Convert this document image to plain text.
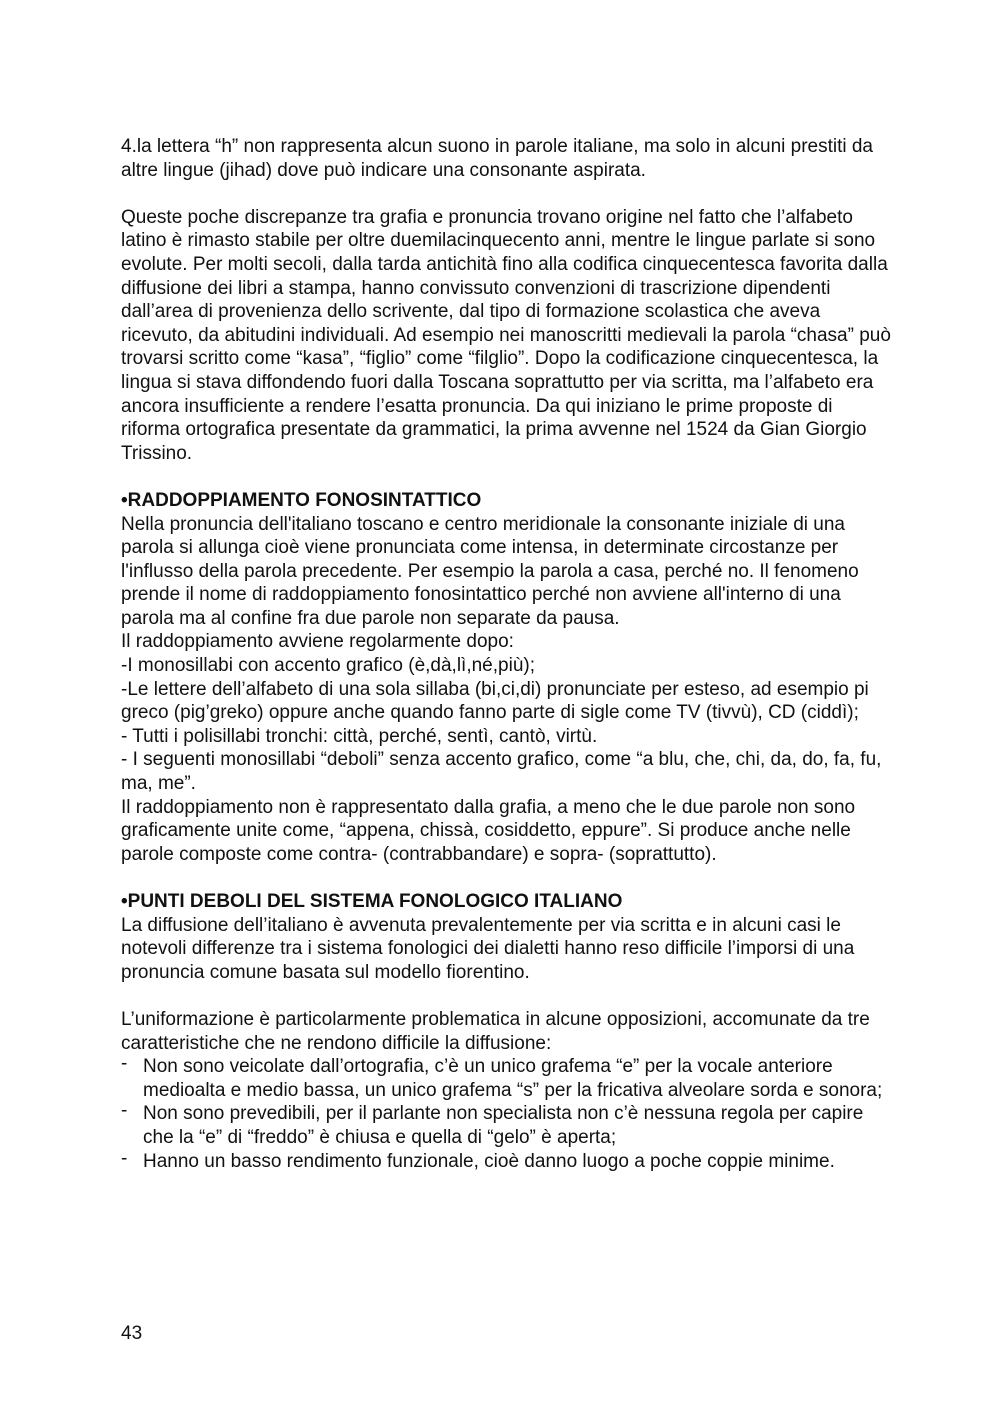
4.la lettera “h” non rappresenta alcun suono in parole italiane, ma solo in alcuni prestiti da altre lingue (jihad) dove può indicare una consonante aspirata.

Queste poche discrepanze tra grafia e pronuncia trovano origine nel fatto che l’alfabeto latino è rimasto stabile per oltre duemilacinquecento anni, mentre le lingue parlate si sono evolute. Per molti secoli, dalla tarda antichità fino alla codifica cinquecentesca favorita dalla diffusione dei libri a stampa, hanno convissuto convenzioni di trascrizione dipendenti dall’area di provenienza dello scrivente, dal tipo di formazione scolastica che aveva ricevuto, da abitudini individuali. Ad esempio nei manoscritti medievali la parola “chasa” può trovarsi scritto come “kasa”, “figlio” come “filglio”. Dopo la codificazione cinquecentesca, la lingua si stava diffondendo fuori dalla Toscana soprattutto per via scritta, ma l’alfabeto era ancora insufficiente a rendere l’esatta pronuncia. Da qui iniziano le prime proposte di riforma ortografica presentate da grammatici, la prima avvenne nel 1524 da Gian Giorgio Trissino.

•RADDOPPIAMENTO FONOSINTATTICO

Nella pronuncia dell'italiano toscano e centro meridionale la consonante iniziale di una parola si allunga cioè viene pronunciata come intensa, in determinate circostanze per l'influsso della parola precedente. Per esempio la parola a casa, perché no. Il fenomeno prende il nome di raddoppiamento fonosintattico perché non avviene all'interno di una parola ma al confine fra due parole non separate da pausa.

Il raddoppiamento avviene regolarmente dopo:

-I monosillabi con accento grafico (è,dà,lì,né,più);

-Le lettere dell’alfabeto di una sola sillaba (bi,ci,di) pronunciate per esteso, ad esempio pi greco (pig’greko) oppure anche quando fanno parte di sigle come TV (tivvù), CD (ciddì);

- Tutti i polisillabi tronchi: città, perché, sentì, cantò, virtù.

- I seguenti monosillabi “deboli” senza accento grafico, come “a blu, che, chi, da, do, fa, fu, ma, me”.

Il raddoppiamento non è rappresentato dalla grafia, a meno che le due parole non sono graficamente unite come, “appena, chissà, cosiddetto, eppure”. Si produce anche nelle parole composte come contra- (contrabbandare) e sopra- (soprattutto).

•PUNTI DEBOLI DEL SISTEMA FONOLOGICO ITALIANO

La diffusione dell’italiano è avvenuta prevalentemente per via scritta e in alcuni casi le notevoli differenze tra i sistema fonologici dei dialetti hanno reso difficile l’imporsi di una pronuncia comune basata sul modello fiorentino.

L’uniformazione è particolarmente problematica in alcune opposizioni, accomunate da tre caratteristiche che ne rendono difficile la diffusione:

- Non sono veicolate dall’ortografia, c’è un unico grafema “e” per la vocale anteriore medioalta e medio bassa, un unico grafema “s” per la fricativa alveolare sorda e sonora;
- Non sono prevedibili, per il parlante non specialista non c’è nessuna regola per capire che la “e” di “freddo” è chiusa e quella di “gelo” è aperta;
- Hanno un basso rendimento funzionale, cioè danno luogo a poche coppie minime.
43
